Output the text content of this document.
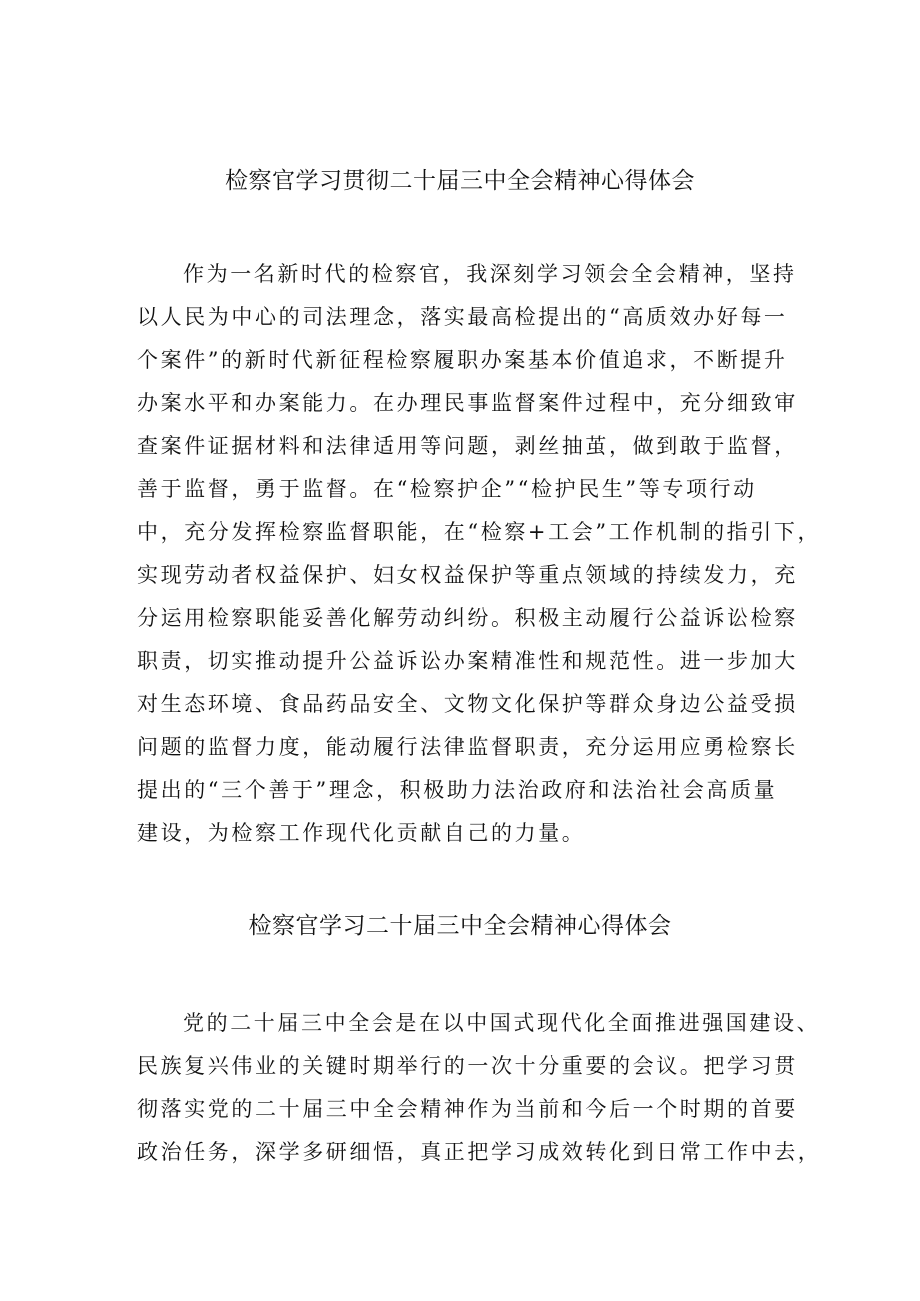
检察官学习贯彻二十届三中全会精神心得体会
作为一名新时代的检察官，我深刻学习领会全会精神，坚持
以人民为中心的司法理念，落实最高检提出的“高质效办好每一
个案件”的新时代新征程检察履职办案基本价值追求，不断提升
办案水平和办案能力。在办理民事监督案件过程中，充分细致审
查案件证据材料和法律适用等问题，剥丝抽茧，做到敢于监督，
善于监督，勇于监督。在“检察护企”“检护民生”等专项行动
中，充分发挥检察监督职能，在“检察+工会”工作机制的指引下，
实现劳动者权益保护、妇女权益保护等重点领域的持续发力，充
分运用检察职能妥善化解劳动纠纷。积极主动履行公益诉讼检察
职责，切实推动提升公益诉讼办案精准性和规范性。进一步加大
对生态环境、食品药品安全、文物文化保护等群众身边公益受损
问题的监督力度，能动履行法律监督职责，充分运用应勇检察长
提出的“三个善于”理念，积极助力法治政府和法治社会高质量
建设，为检察工作现代化贡献自己的力量。
检察官学习二十届三中全会精神心得体会
党的二十届三中全会是在以中国式现代化全面推进强国建设、
民族复兴伟业的关键时期举行的一次十分重要的会议。把学习贯
彻落实党的二十届三中全会精神作为当前和今后一个时期的首要
政治任务，深学多研细悟，真正把学习成效转化到日常工作中去，
